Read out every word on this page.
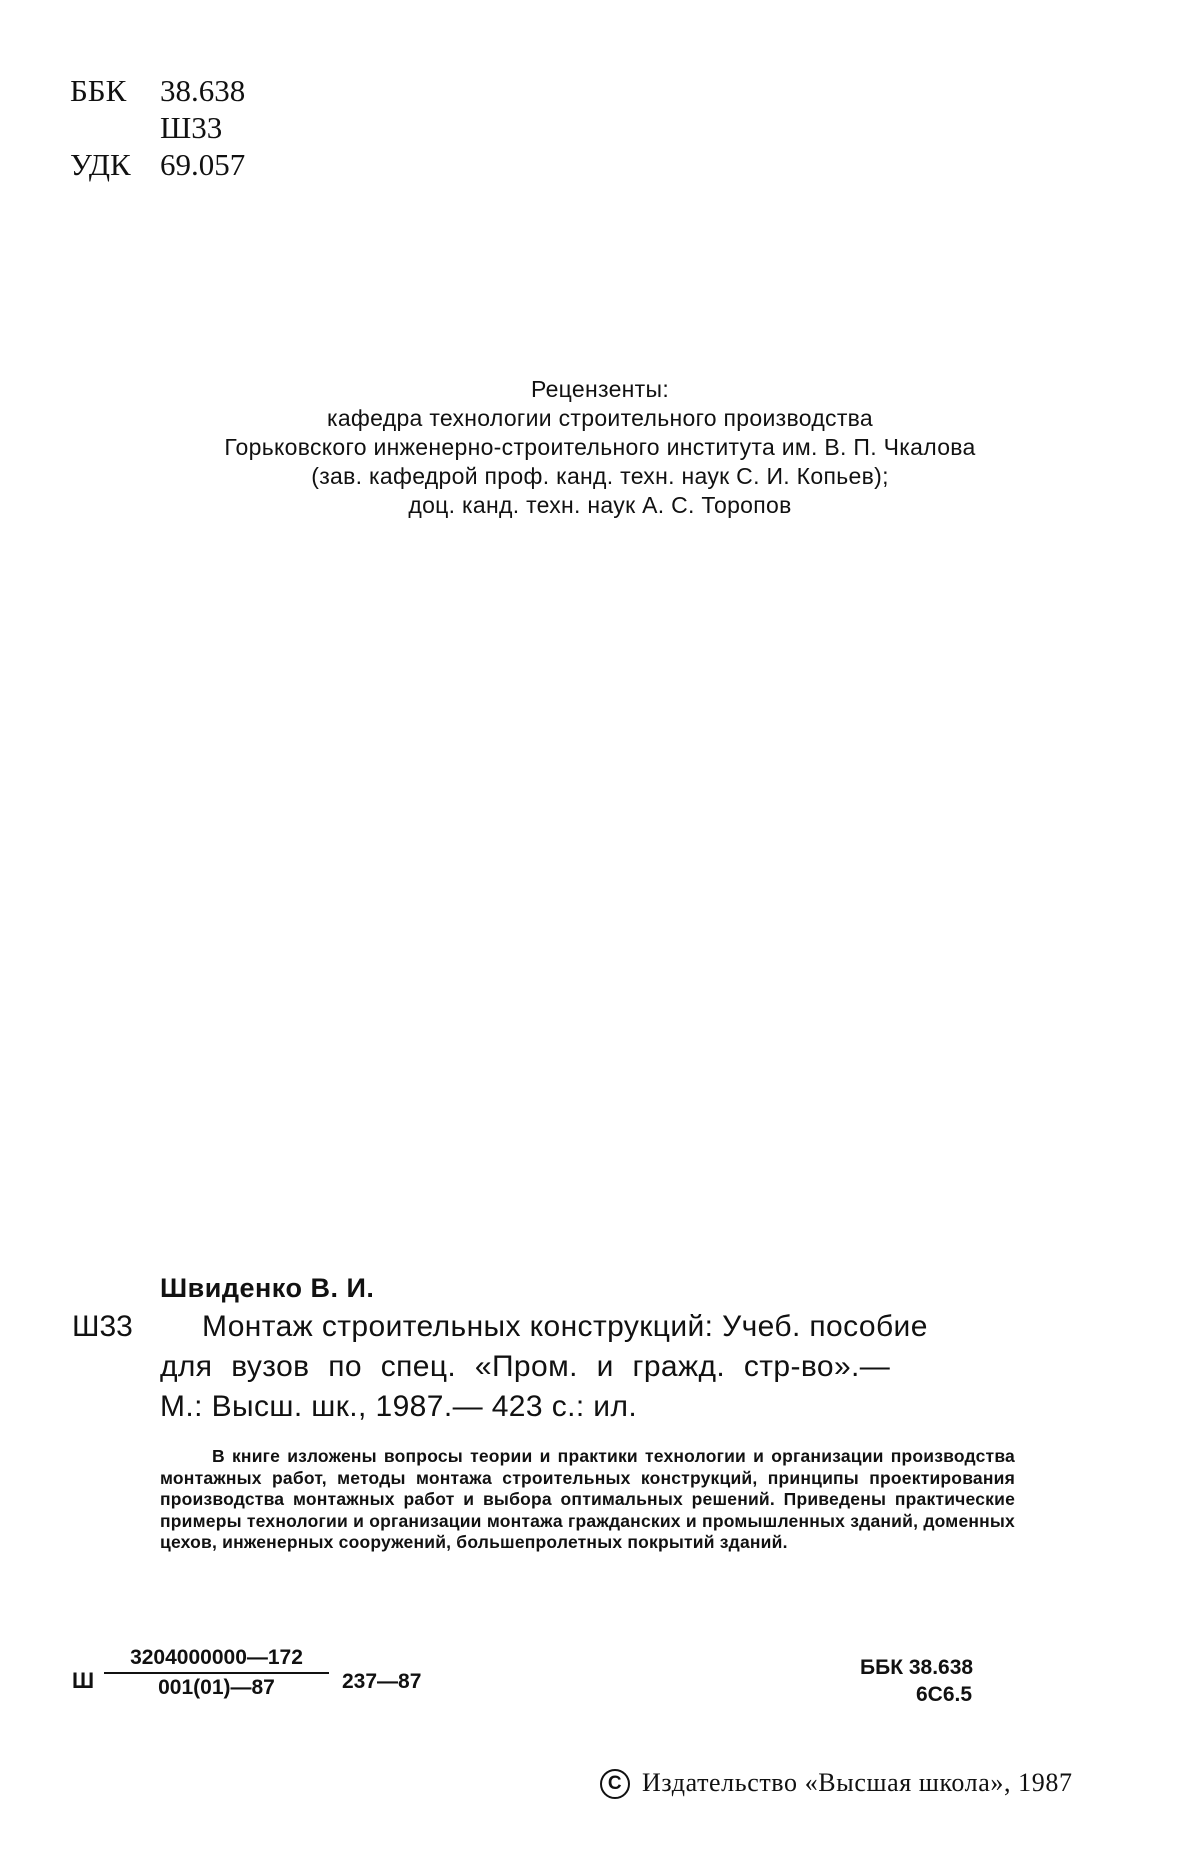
ББК	38.638
Ш33
УДК 69.057
Рецензенты:
кафедра технологии строительного производства
Горьковского инженерно-строительного института им. В. П. Чкалова
(зав. кафедрой проф. канд. техн. наук С. И. Копьев);
доц. канд. техн. наук А. С. Торопов
Швиденко В. И.
Ш33 Монтаж строительных конструкций: Учеб. пособие
для вузов по спец. «Пром. и гражд. стр-во».—
М.: Высш. шк., 1987.— 423 с.: ил.
В книге изложены вопросы теории и практики технологии и организации производства монтажных работ, методы монтажа строительных конструкций, принципы проектирования производства монтажных работ и выбора оптимальных решений. Приведены практические примеры технологии и организации монтажа гражданских и промышленных зданий, доменных цехов, инженерных сооружений, большепролетных покрытий зданий.
Ш
3204000000—172
001(01)—87	237—87
ББК 38.638
6С6.5
C Издательство «Высшая школа», 1987
